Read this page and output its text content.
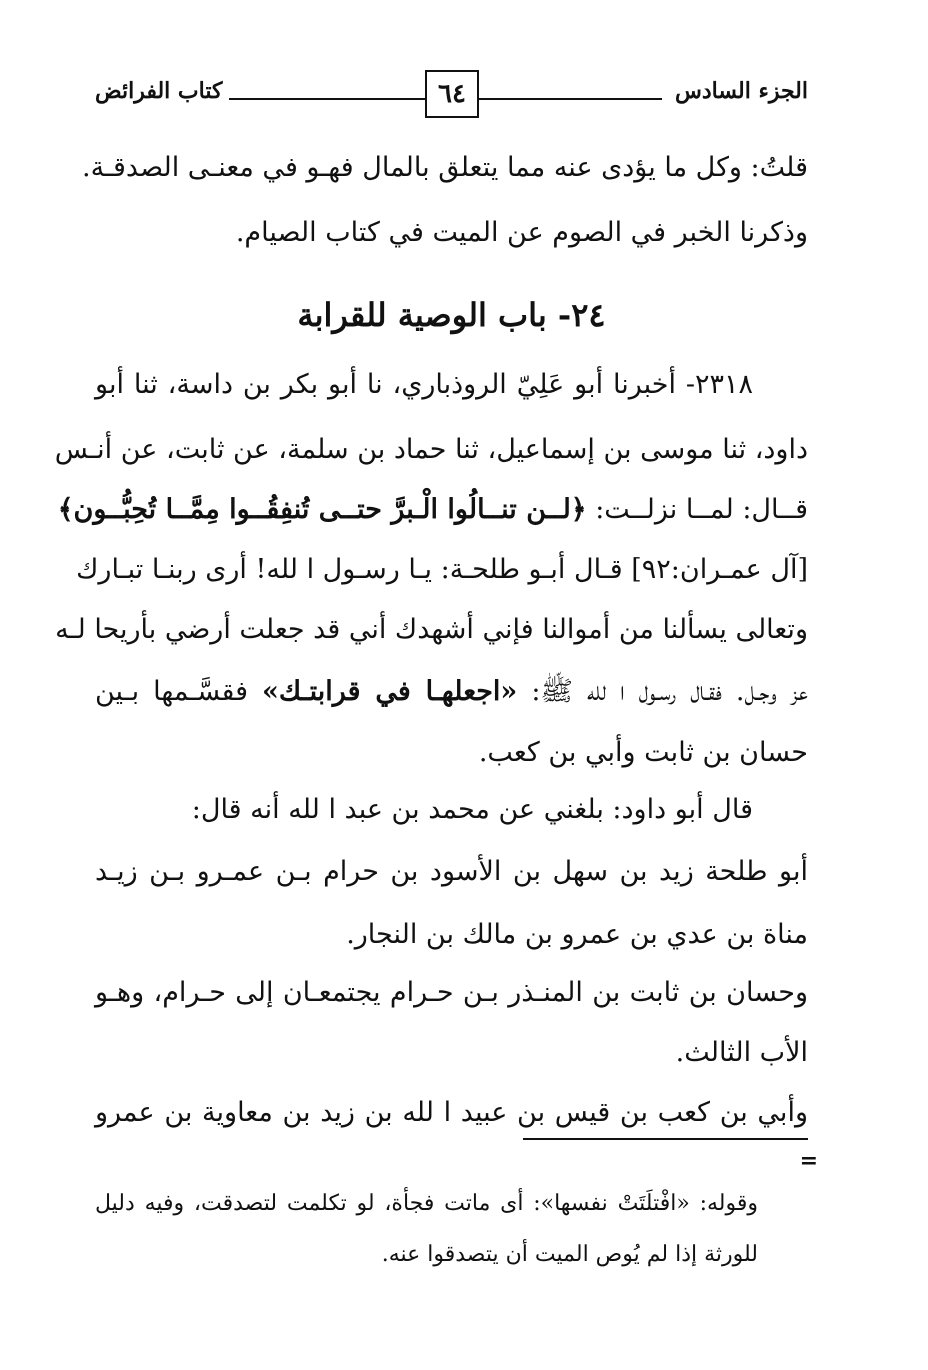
الجزء السادس
٦٤
كتاب الفرائض
قلتُ: وكل ما يؤدى عنه مما يتعلق بالمال فهـو في معنـى الصدقـة.
وذكرنا الخبر في الصوم عن الميت في كتاب الصيام.
٢٤- باب الوصية للقرابة
٢٣١٨- أخبرنا أبو عَلِيّ الروذباري، نا أبو بكر بن داسة، ثنا أبو
داود، ثنا موسى بن إسماعيل، ثنا حماد بن سلمة، عن ثابت، عن أنـس
قــال: لمــا نزلــت: ﴿لــن تنــالُوا الْـبرَّ حتــى تُنفِقُــوا مِمَّــا تُحِبُّــون﴾
[آل عمـران:٩٢] قـال أبـو طلحـة: يـا رسـول ا لله! أرى ربنـا تبـارك
وتعالى يسألنا من أموالنا فإني أشهدك أني قد جعلت أرضي بأريحا لـه
عز وجـل. فقـال رسـول ا لله ﷺ: «اجعلهـا في قرابتـك» فقسَّـمها بـين
حسان بن ثابت وأبي بن كعب.
قال أبو داود: بلغني عن محمد بن عبد ا لله أنه قال:
أبو طلحة زيد بن سهل بن الأسود بن حرام بـن عمـرو بـن زيـد
مناة بن عدي بن عمرو بن مالك بن النجار.
وحسان بن ثابت بن المنـذر بـن حـرام يجتمعـان إلى حـرام، وهـو
الأب الثالث.
وأبي بن كعب بن قيس بن عبيد ا لله بن زيد بن معاوية بن عمرو
=
وقوله: «افْتلَتَتْ نفسها»: أى ماتت فجأة، لو تكلمت لتصدقت، وفيه دليل
للورثة إذا لم يُوص الميت أن يتصدقوا عنه.
